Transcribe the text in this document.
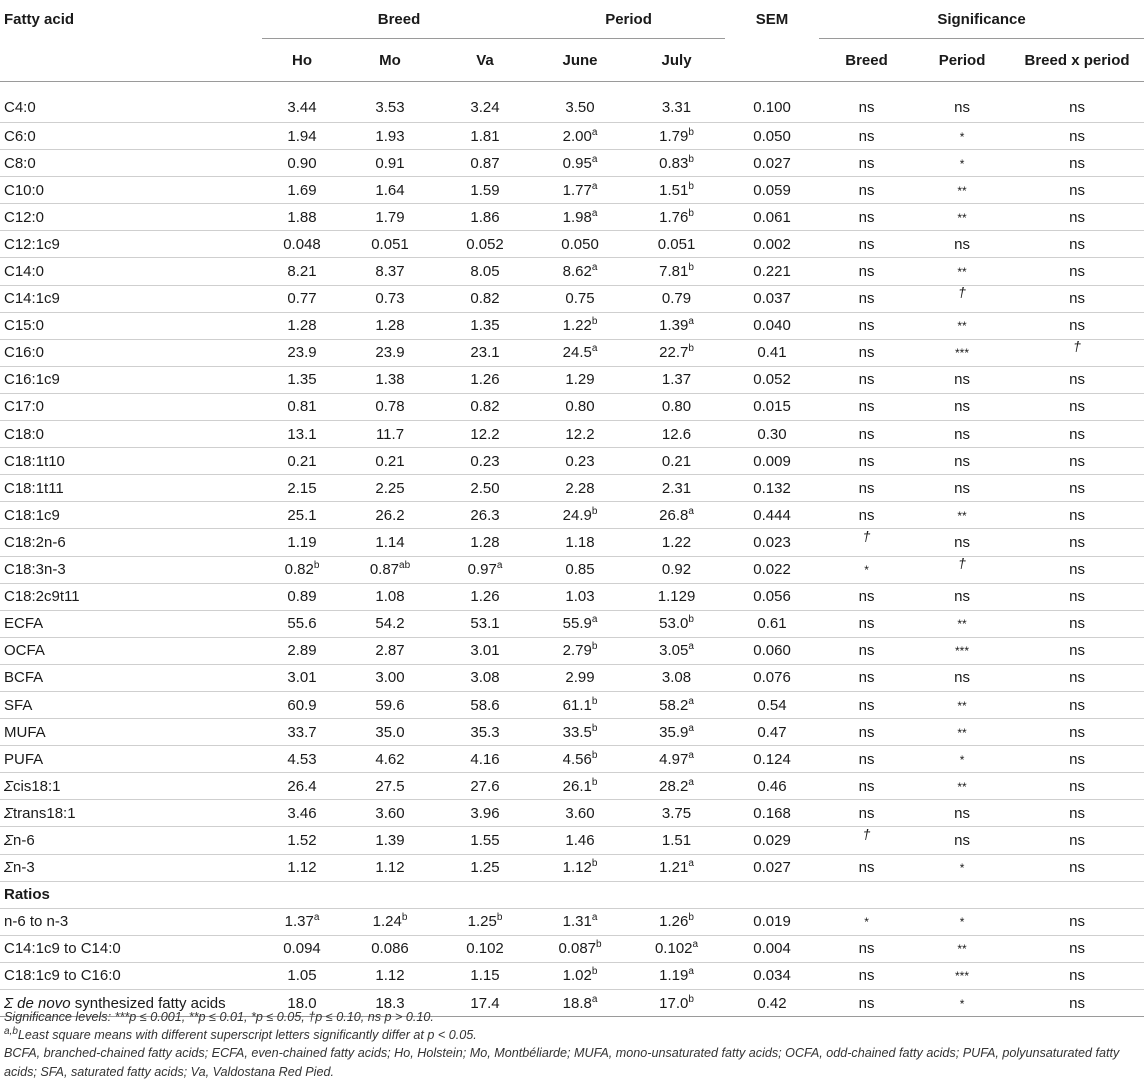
Fatty acid	Breed			Period		SEM	Significance		
	Ho	Mo	Va	June	July		Breed	Period	Breed x period
C4:0	3.44	3.53	3.24	3.50	3.31	0.100	ns	ns	ns
C6:0	1.94	1.93	1.81	2.00$^a$	1.79$^b$	0.050	ns	*	ns
C8:0	0.90	0.91	0.87	0.95$^a$	0.83$^b$	0.027	ns	*	ns
C10:0	1.69	1.64	1.59	1.77$^a$	1.51$^b$	0.059	ns	**	ns
C12:0	1.88	1.79	1.86	1.98$^a$	1.76$^b$	0.061	ns	**	ns
C12:1c9	0.048	0.051	0.052	0.050	0.051	0.002	ns	ns	ns
C14:0	8.21	8.37	8.05	8.62$^a$	7.81$^b$	0.221	ns	**	ns
C14:1c9	0.77	0.73	0.82	0.75	0.79	0.037	ns	†	ns
C15:0	1.28	1.28	1.35	1.22$^b$	1.39$^a$	0.040	ns	**	ns
C16:0	23.9	23.9	23.1	24.5$^a$	22.7$^b$	0.41	ns	***	†
C16:1c9	1.35	1.38	1.26	1.29	1.37	0.052	ns	ns	ns
C17:0	0.81	0.78	0.82	0.80	0.80	0.015	ns	ns	ns
C18:0	13.1	11.7	12.2	12.2	12.6	0.30	ns	ns	ns
C18:1t10	0.21	0.21	0.23	0.23	0.21	0.009	ns	ns	ns
C18:1t11	2.15	2.25	2.50	2.28	2.31	0.132	ns	ns	ns
C18:1c9	25.1	26.2	26.3	24.9$^b$	26.8$^a$	0.444	ns	**	ns
C18:2n-6	1.19	1.14	1.28	1.18	1.22	0.023	†	ns	ns
C18:3n-3	0.82$^b$	0.87$^{ab}$	0.97$^a$	0.85	0.92	0.022	*	†	ns
C18:2c9t11	0.89	1.08	1.26	1.03	1.129	0.056	ns	ns	ns
ECFA	55.6	54.2	53.1	55.9$^a$	53.0$^b$	0.61	ns	**	ns
OCFA	2.89	2.87	3.01	2.79$^b$	3.05$^a$	0.060	ns	***	ns
BCFA	3.01	3.00	3.08	2.99	3.08	0.076	ns	ns	ns
SFA	60.9	59.6	58.6	61.1$^b$	58.2$^a$	0.54	ns	**	ns
MUFA	33.7	35.0	35.3	33.5$^b$	35.9$^a$	0.47	ns	**	ns
PUFA	4.53	4.62	4.16	4.56$^b$	4.97$^a$	0.124	ns	*	ns
Σcis18:1	26.4	27.5	27.6	26.1$^b$	28.2$^a$	0.46	ns	**	ns
Σtrans18:1	3.46	3.60	3.96	3.60	3.75	0.168	ns	ns	ns
Σn-6	1.52	1.39	1.55	1.46	1.51	0.029	†	ns	ns
Σn-3	1.12	1.12	1.25	1.12$^b$	1.21$^a$	0.027	ns	*	ns
Ratios									
n-6 to n-3	1.37$^a$	1.24$^b$	1.25$^b$	1.31$^a$	1.26$^b$	0.019	*	*	ns
C14:1c9 to C14:0	0.094	0.086	0.102	0.087$^b$	0.102$^a$	0.004	ns	**	ns
C18:1c9 to C16:0	1.05	1.12	1.15	1.02$^b$	1.19$^a$	0.034	ns	***	ns
Σ de novo synthesized fatty acids	18.0	18.3	17.4	18.8$^a$	17.0$^b$	0.42	ns	*	ns

Significance levels: ***p ≤ 0.001, **p ≤ 0.01, *p ≤ 0.05, †p ≤ 0.10, ns p > 0.10.

$^{a,b}$Least square means with different superscript letters significantly differ at p < 0.05.

BCFA, branched-chained fatty acids; ECFA, even-chained fatty acids; Ho, Holstein; Mo, Montbéliarde; MUFA, mono-unsaturated fatty acids; OCFA, odd-chained fatty acids; PUFA, polyunsaturated fatty acids; SFA, saturated fatty acids; Va, Valdostana Red Pied.
